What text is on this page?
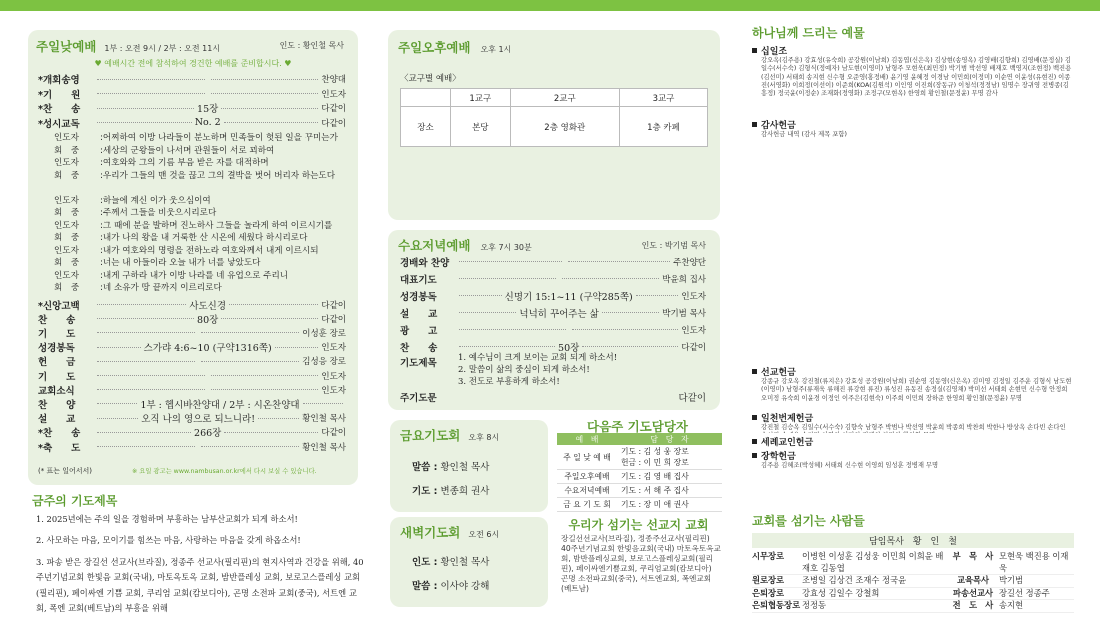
주일낮예배 1부 : 오전 9시 / 2부 : 오전 11시	인도 : 황인철 목사
♥ 예배시간 전에 참석하여 경건한 예배를 준비합시다. ♥
*개회송영	찬양대
*기　　원	인도자
*찬　　송	15장	다같이
*성시교독	No. 2	다같이
인도자	: 어찌하여 이방 나라들이 분노하며 민족들이 헛된 일을 꾸미는가
회　중	: 세상의 군왕들이 나서며 관원들이 서로 꾀하여
인도자	: 여호와와 그의 기름 부음 받은 자를 대적하며
회　중	: 우리가 그들의 맨 것을 끊고 그의 결박을 벗어 버리자 하는도다
인도자	: 하늘에 계신 이가 웃으심이여
회　중	: 주께서 그들을 비웃으시리로다
인도자	: 그 때에 분을 발하며 진노하사 그들을 놀라게 하여 이르시기를
회　중	: 내가 나의 왕을 내 거룩한 산 시온에 세웠다 하시리로다
인도자	: 내가 여호와의 명령을 전하노라 여호와께서 내게 이르시되
회　중	: 너는 내 아들이라 오늘 내가 너를 낳았도다
인도자	: 내게 구하라 내가 이방 나라를 네 유업으로 주리니
회　중	: 네 소유가 땅 끝까지 이르리로다
*신앙고백	사도신경	다같이
찬　　송	80장	다같이
기　　도	이성훈 장로
성경봉독	스가랴 4:6~10 (구약1316쪽)	인도자
헌　　금	김성응 장로
기　　도	인도자
교회소식	인도자
찬　　양	1부 : 헵시바찬양대 / 2부 : 시온찬양대
설　　교	오직 나의 영으로 되느니라!	황인철 목사
*찬　　송	266장	다같이
*축　　도	황인철 목사
(* 표는 일어서서)	※ 요일 광고는 www.nambusan.or.kr에서 다시 보실 수 있습니다.
금주의 기도제목
1. 2025년에는 주의 일을 경험하며 부흥하는 남부산교회가 되게 하소서!
2. 사모하는 마음, 모이기를 힘쓰는 마음, 사랑하는 마음을 갖게 하옵소서!
3. 파송 받은 장길선 선교사(브라질), 정종주 선교사(필리핀)의 현지사역과 건강을 위해, 40주년기념교회 한빛음 교회(국내), 마토옥토옥 교회, 밤반플레싱 교회, 보로고스플레싱 교회(필리핀), 페이싸엔 기쁨 교회, 쿠리엄 교회(캄보디아), 곤명 소전파 교회(중국), 서트엔 교회, 폭엔 교회(베트남)의 부흥을 위해
주일오후예배 오후 1시
〈교구별 예배〉
	1교구	2교구	3교구
장소	본당	2층 영화관	1층 카페
수요저녁예배 오후 7시 30분	인도 : 박기범 목사
경배와 찬양	주찬양단
대표기도	박윤희 집사
성경봉독	신명기 15:1~11 (구약285쪽)	인도자
설　　교	넉넉히 꾸어주는 삶	박기범 목사
광　　고	인도자
찬　　송	50장	다같이
기도제목	1. 예수님이 크게 보이는 교회 되게 하소서!
2. 말씀이 삶의 중심이 되게 하소서!
3. 전도로 부흥하게 하소서!
주기도문	다같이
금요기도회 오후 8시
말씀 : 황인철 목사
기도 : 변종희 권사
새벽기도회 오전 6시
인도 : 황인철 목사
말씀 : 이사야 강해
다음주 기도담당자
예　배	담　당　자
주 일 낮 예 배	기도 : 김 성 웅 장로
헌금 : 이 민 희 장로

주일오후예배	기도 : 김 영 배 집사

수요저녁예배	기도 : 서 해 주 집사

금 요 기 도 회	기도 : 장 미 애 권사
우리가 섬기는 선교지 교회
장길선선교사(브라질), 정종주선교사(필리핀) 40주년기념교회 한빛음교회(국내) 마토옥토옥교회, 밤반플레싱교회, 보로고스플레싱교회(필리핀), 페이싸엔기쁨교회, 쿠리엄교회(캄보디아) 곤명 소전파교회(중국), 서트엔교회, 폭엔교회(베트남)
하나님께 드리는 예물
십일조
강오옥(김주용) 강효성(유숙희) 공강원(이남희) 김동엽(신은옥) 김상현(송영옥) 김영배(김향희) 김영배(문정실) 김일수(서수숙) 김형식(정예자) 남도현(이영미) 남형주 모현욱(최민정) 박기범 박선영 배재호 백영지(조현정) 백진용(김선미) 서태희 송지현 신수형 오준영(홍정배) 윤기영 윤혜정 이경남 이민희(이정미) 이순연 이윤성(유현진) 이종진(서영화) 이희정(이선이) 이준희(KOA(김원석) 이인영 이진희(장동규) 이청석(정정남) 임명수 장귀영 전병종(김흥정) 정국윤(이정순) 조재화(정영화) 조정구(모현옥) 한영희 황인철(문정윤) 무명 감사
감사헌금
감사헌금 내역 (감사 제목 포함)
선교헌금
강종규 강오옥 강진철(류지은) 강효성 공강원(이남희) 권순영 김동영(신은옥) 김미영 김정일 김주운 김형식 남도현(이영미) 남형주(류재욱 류해진 류강현 류진) 류성진 유동진 송정실(김영채) 박미선 서태희 손현민 신수형 안정희 오미정 유숙희 이윤경 이정인 이주은(김현숙) 이주희 이민희 장하준 한영희 황인철(문정윤) 무명
일천번제헌금
강진철 김승옥 김일수(서수숙) 김향숙 남형주 박범나 박선영 박윤희 박종희 박찬희 박한나 방상옥 손다빈 손다인
세례교인헌금
장학헌금
김주용 김혜조(박성혜) 서태희 신수현 이영희 임성훈 정병재 무명
교회를 섬기는 사람들
담임목사　황　인　철
시무장로	이병헌 이성훈 김성웅 이민희 이희윤 배재호 김동엽
부　목　사 모현욱 백진용 이재욱
원로장로	조병일 김상건 조재수 정국윤	교육목사	박기범
은퇴장로	강효성 김일수 강철희	파송선교사 장길선 정종주
은퇴협동장로 정정동	전　도　사 송지현
